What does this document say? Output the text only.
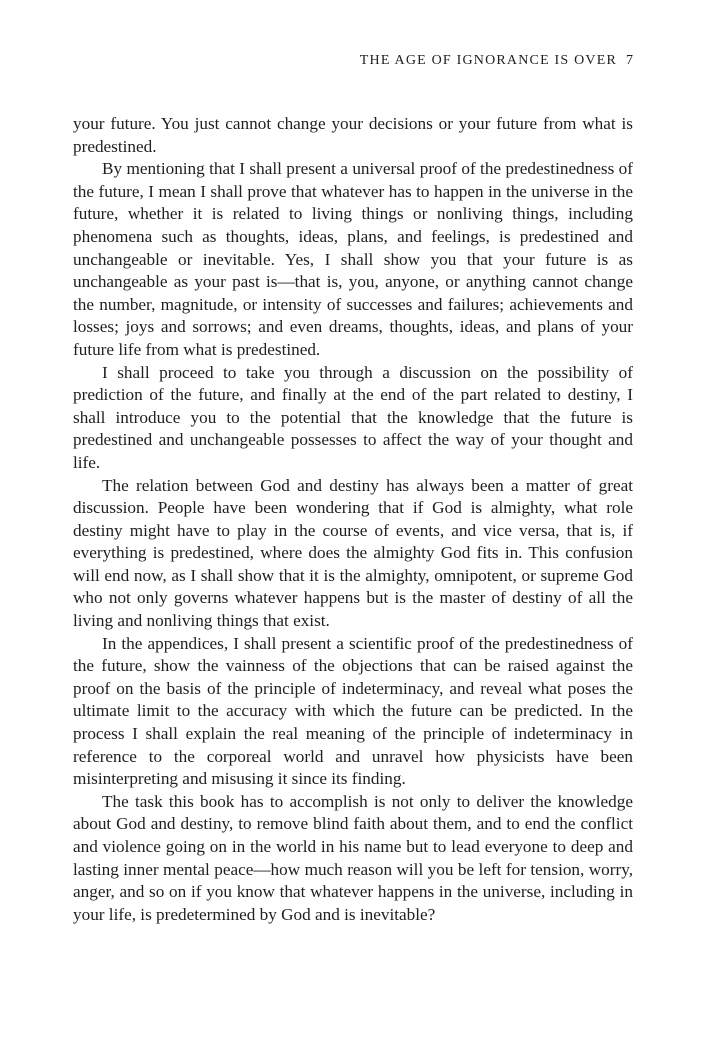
THE AGE OF IGNORANCE IS OVER 7

your future. You just cannot change your decisions or your future from what is predestined.

By mentioning that I shall present a universal proof of the predestinedness of the future, I mean I shall prove that whatever has to happen in the universe in the future, whether it is related to living things or nonliving things, including phenomena such as thoughts, ideas, plans, and feelings, is predestined and unchangeable or inevitable. Yes, I shall show you that your future is as unchangeable as your past is—that is, you, anyone, or anything cannot change the number, magnitude, or intensity of successes and failures; achievements and losses; joys and sorrows; and even dreams, thoughts, ideas, and plans of your future life from what is predestined.

I shall proceed to take you through a discussion on the possibility of prediction of the future, and finally at the end of the part related to destiny, I shall introduce you to the potential that the knowledge that the future is predestined and unchangeable possesses to affect the way of your thought and life.

The relation between God and destiny has always been a matter of great discussion. People have been wondering that if God is almighty, what role destiny might have to play in the course of events, and vice versa, that is, if everything is predestined, where does the almighty God fits in. This confusion will end now, as I shall show that it is the almighty, omnipotent, or supreme God who not only governs whatever happens but is the master of destiny of all the living and nonliving things that exist.

In the appendices, I shall present a scientific proof of the predestinedness of the future, show the vainness of the objections that can be raised against the proof on the basis of the principle of indeterminacy, and reveal what poses the ultimate limit to the accuracy with which the future can be predicted. In the process I shall explain the real meaning of the principle of indeterminacy in reference to the corporeal world and unravel how physicists have been misinterpreting and misusing it since its finding.

The task this book has to accomplish is not only to deliver the knowledge about God and destiny, to remove blind faith about them, and to end the conflict and violence going on in the world in his name but to lead everyone to deep and lasting inner mental peace—how much reason will you be left for tension, worry, anger, and so on if you know that whatever happens in the universe, including in your life, is predetermined by God and is inevitable?
